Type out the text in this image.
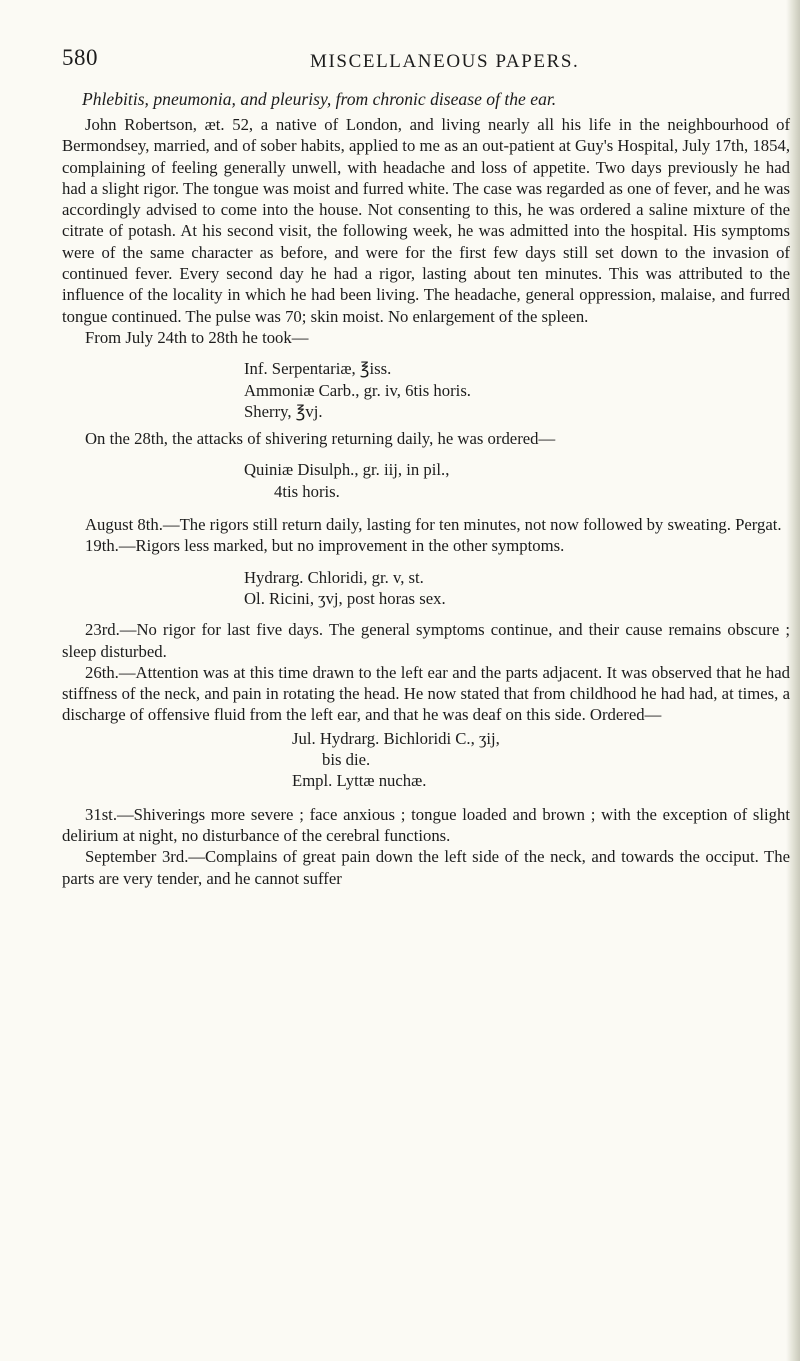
580	MISCELLANEOUS PAPERS.
Phlebitis, pneumonia, and pleurisy, from chronic disease of the ear.

John Robertson, æt. 52, a native of London, and living nearly all his life in the neighbourhood of Bermondsey, married, and of sober habits, applied to me as an out-patient at Guy's Hospital, July 17th, 1854, complaining of feeling generally unwell, with headache and loss of appetite. Two days previously he had had a slight rigor. The tongue was moist and furred white. The case was regarded as one of fever, and he was accordingly advised to come into the house. Not consenting to this, he was ordered a saline mixture of the citrate of potash. At his second visit, the following week, he was admitted into the hospital. His symptoms were of the same character as before, and were for the first few days still set down to the invasion of continued fever. Every second day he had a rigor, lasting about ten minutes. This was attributed to the influence of the locality in which he had been living. The headache, general oppression, malaise, and furred tongue continued. The pulse was 70; skin moist. No enlargement of the spleen.

From July 24th to 28th he took—

Inf. Serpentariæ, ℥iss.
Ammoniæ Carb., gr. iv, 6tis horis.
Sherry, ℥vj.

On the 28th, the attacks of shivering returning daily, he was ordered—

Quiniæ Disulph., gr. iij, in pil.,
4tis horis.

August 8th.—The rigors still return daily, lasting for ten minutes, not now followed by sweating. Pergat.

19th.—Rigors less marked, but no improvement in the other symptoms.

Hydrarg. Chloridi, gr. v, st.
Ol. Ricini, ʒvj, post horas sex.

23rd.—No rigor for last five days. The general symptoms continue, and their cause remains obscure ; sleep disturbed.

26th.—Attention was at this time drawn to the left ear and the parts adjacent. It was observed that he had stiffness of the neck, and pain in rotating the head. He now stated that from childhood he had had, at times, a discharge of offensive fluid from the left ear, and that he was deaf on this side. Ordered—

Jul. Hydrarg. Bichloridi C., ʒij,
bis die.
Empl. Lyttæ nuchæ.

31st.—Shiverings more severe ; face anxious ; tongue loaded and brown ; with the exception of slight delirium at night, no disturbance of the cerebral functions.

September 3rd.—Complains of great pain down the left side of the neck, and towards the occiput. The parts are very tender, and he cannot suffer
